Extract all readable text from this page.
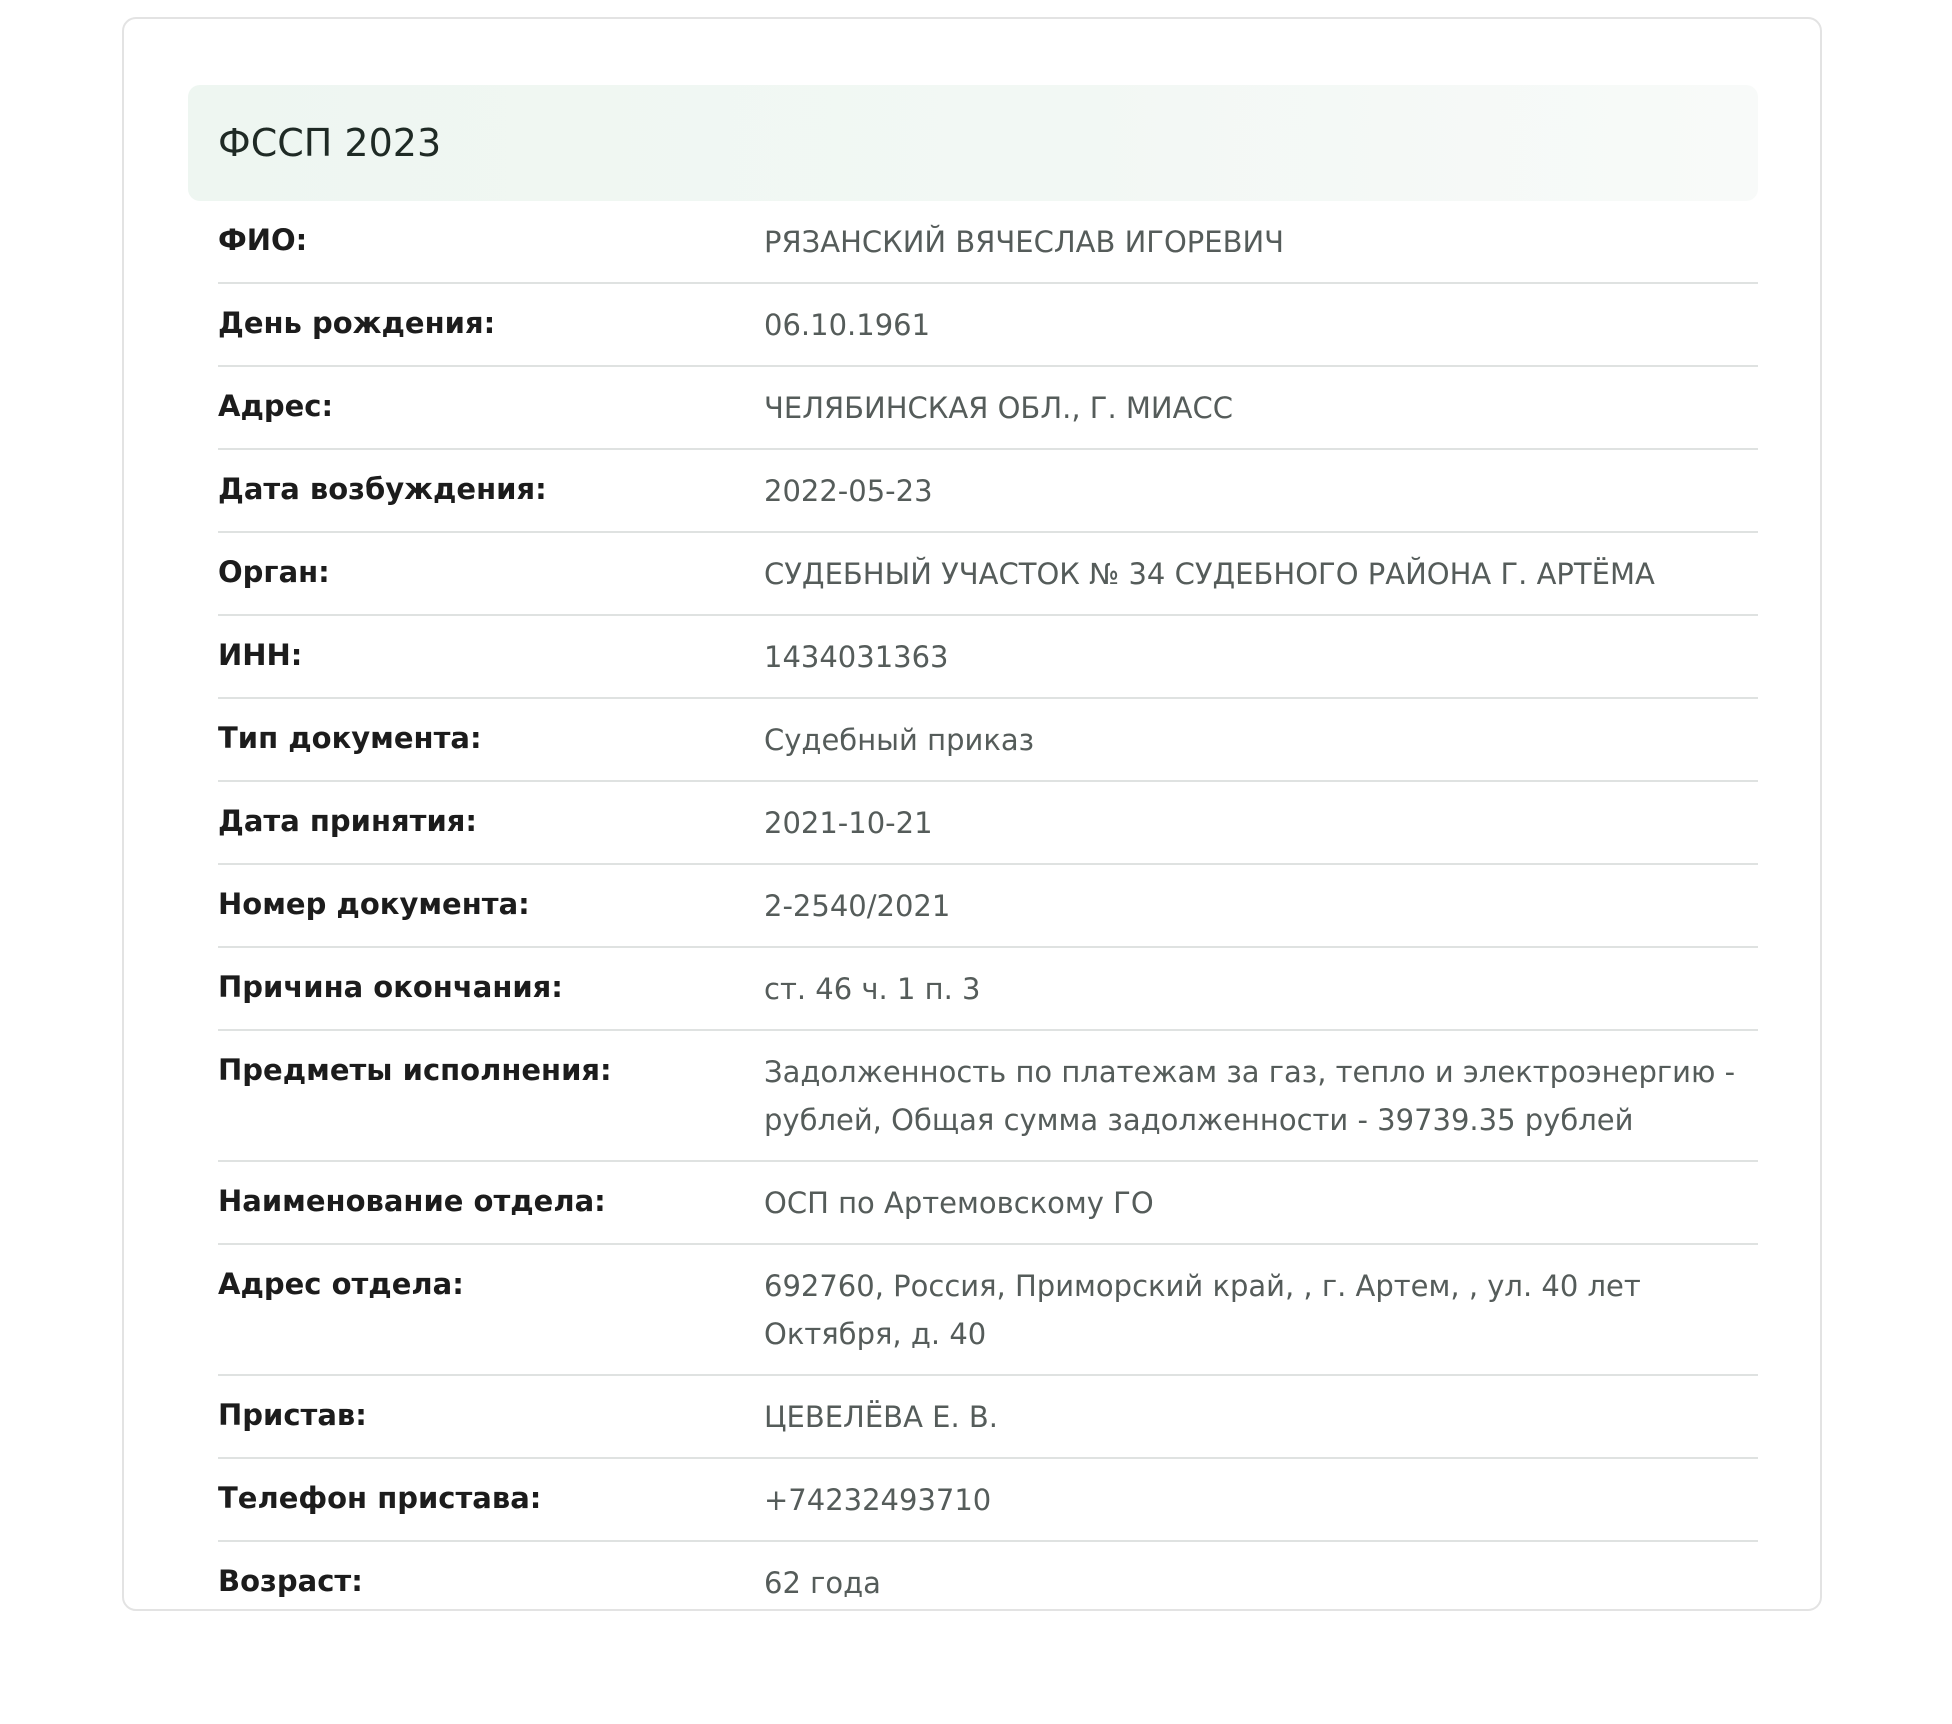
ФССП 2023
ФИО:	РЯЗАНСКИЙ ВЯЧЕСЛАВ ИГОРЕВИЧ
День рождения:	06.10.1961
Адрес:	ЧЕЛЯБИНСКАЯ ОБЛ., Г. МИАСС
Дата возбуждения:	2022-05-23
Орган:	СУДЕБНЫЙ УЧАСТОК № 34 СУДЕБНОГО РАЙОНА Г. АРТЁМА
ИНН:	1434031363
Тип документа:	Судебный приказ
Дата принятия:	2021-10-21
Номер документа:	2-2540/2021
Причина окончания:	ст. 46 ч. 1 п. 3
Предметы исполнения:	Задолженность по платежам за газ, тепло и электроэнергию - рублей, Общая сумма задолженности - 39739.35 рублей
Наименование отдела:	ОСП по Артемовскому ГО
Адрес отдела:	692760, Россия, Приморский край, , г. Артем, , ул. 40 лет Октября, д. 40
Пристав:	ЦЕВЕЛЁВА Е. В.
Телефон пристава:	+74232493710
Возраст:	62 года
